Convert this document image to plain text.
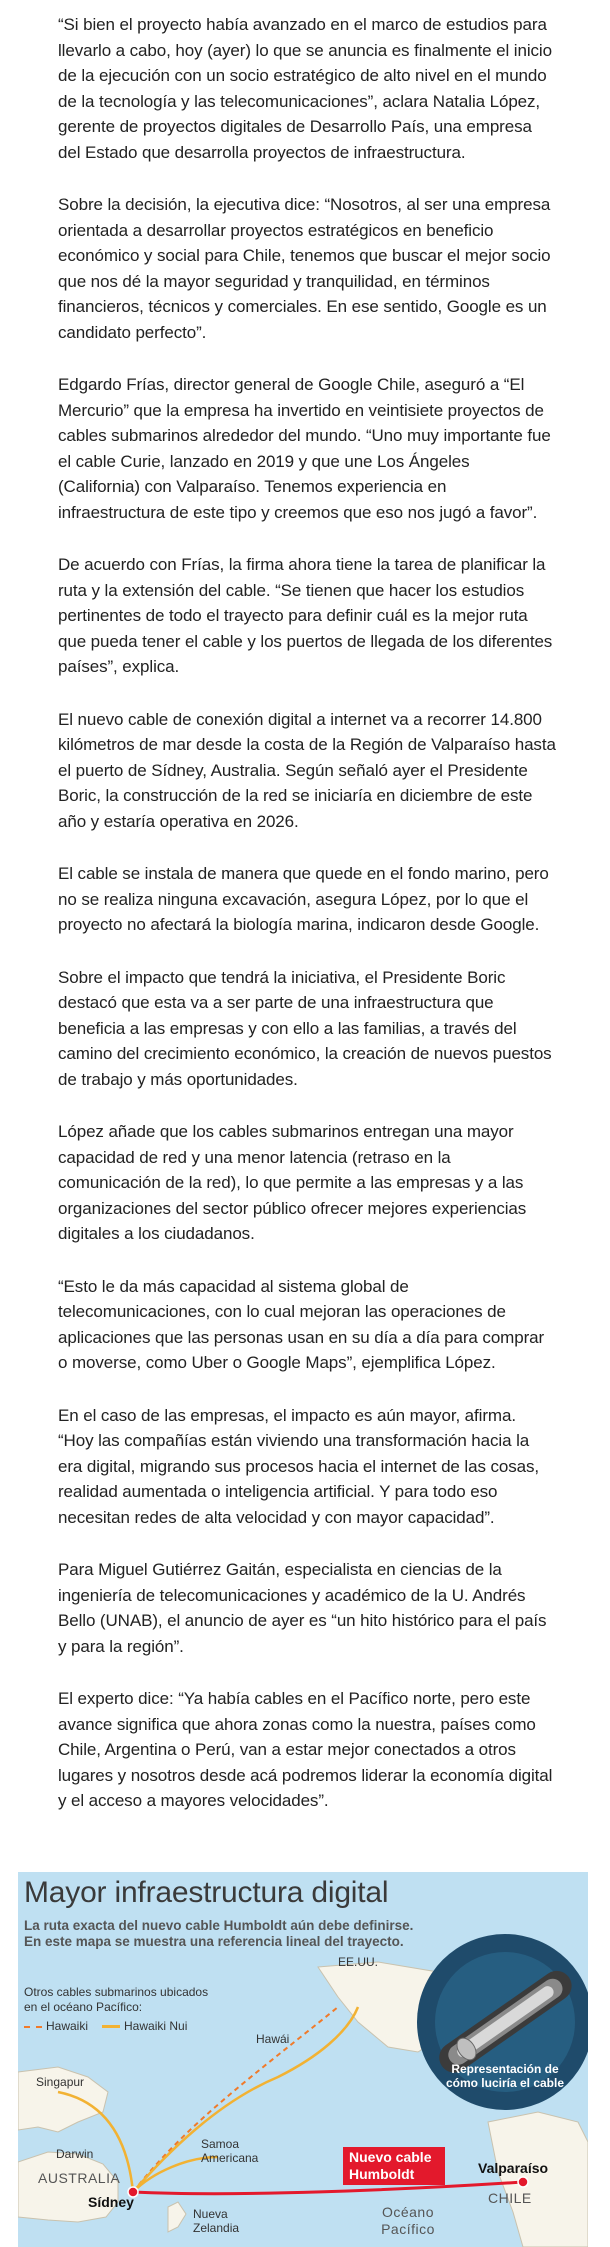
“Si bien el proyecto había avanzado en el marco de estudios para llevarlo a cabo, hoy (ayer) lo que se anuncia es finalmente el inicio de la ejecución con un socio estratégico de alto nivel en el mundo de la tecnología y las telecomunicaciones”, aclara Natalia López, gerente de proyectos digitales de Desarrollo País, una empresa del Estado que desarrolla proyectos de infraestructura.

Sobre la decisión, la ejecutiva dice: “Nosotros, al ser una empresa orientada a desarrollar proyectos estratégicos en beneficio económico y social para Chile, tenemos que buscar el mejor socio que nos dé la mayor seguridad y tranquilidad, en términos financieros, técnicos y comerciales. En ese sentido, Google es un candidato perfecto”.

Edgardo Frías, director general de Google Chile, aseguró a “El Mercurio” que la empresa ha invertido en veintisiete proyectos de cables submarinos alrededor del mundo. “Uno muy importante fue el cable Curie, lanzado en 2019 y que une Los Ángeles (California) con Valparaíso. Tenemos experiencia en infraestructura de este tipo y creemos que eso nos jugó a favor”.

De acuerdo con Frías, la firma ahora tiene la tarea de planificar la ruta y la extensión del cable. “Se tienen que hacer los estudios pertinentes de todo el trayecto para definir cuál es la mejor ruta que pueda tener el cable y los puertos de llegada de los diferentes países”, explica.

El nuevo cable de conexión digital a internet va a recorrer 14.800 kilómetros de mar desde la costa de la Región de Valparaíso hasta el puerto de Sídney, Australia. Según señaló ayer el Presidente Boric, la construcción de la red se iniciaría en diciembre de este año y estaría operativa en 2026.

El cable se instala de manera que quede en el fondo marino, pero no se realiza ninguna excavación, asegura López, por lo que el proyecto no afectará la biología marina, indicaron desde Google.

Sobre el impacto que tendrá la iniciativa, el Presidente Boric destacó que esta va a ser parte de una infraestructura que beneficia a las empresas y con ello a las familias, a través del camino del crecimiento económico, la creación de nuevos puestos de trabajo y más oportunidades.

López añade que los cables submarinos entregan una mayor capacidad de red y una menor latencia (retraso en la comunicación de la red), lo que permite a las empresas y a las organizaciones del sector público ofrecer mejores experiencias digitales a los ciudadanos.

“Esto le da más capacidad al sistema global de telecomunicaciones, con lo cual mejoran las operaciones de aplicaciones que las personas usan en su día a día para comprar o moverse, como Uber o Google Maps”, ejemplifica López.

En el caso de las empresas, el impacto es aún mayor, afirma. “Hoy las compañías están viviendo una transformación hacia la era digital, migrando sus procesos hacia el internet de las cosas, realidad aumentada o inteligencia artificial. Y para todo eso necesitan redes de alta velocidad y con mayor capacidad”.

Para Miguel Gutiérrez Gaitán, especialista en ciencias de la ingeniería de telecomunicaciones y académico de la U. Andrés Bello (UNAB), el anuncio de ayer es “un hito histórico para el país y para la región”.

El experto dice: “Ya había cables en el Pacífico norte, pero este avance significa que ahora zonas como la nuestra, países como Chile, Argentina o Perú, van a estar mejor conectados a otros lugares y nosotros desde acá podremos liderar la economía digital y el acceso a mayores velocidades”.

Mayor infraestructura digital
La ruta exacta del nuevo cable Humboldt aún debe definirse. En este mapa se muestra una referencia lineal del trayecto.
Otros cables submarinos ubicados en el océano Pacífico:
Hawaiki	Hawaiki Nui
EE.UU.
Hawái
Singapur
Darwin
AUSTRALIA
Sídney
Samoa Americana
Nueva Zelandia
Océano Pacífico
Valparaíso
CHILE
Nuevo cable Humboldt
Representación de cómo luciría el cable
